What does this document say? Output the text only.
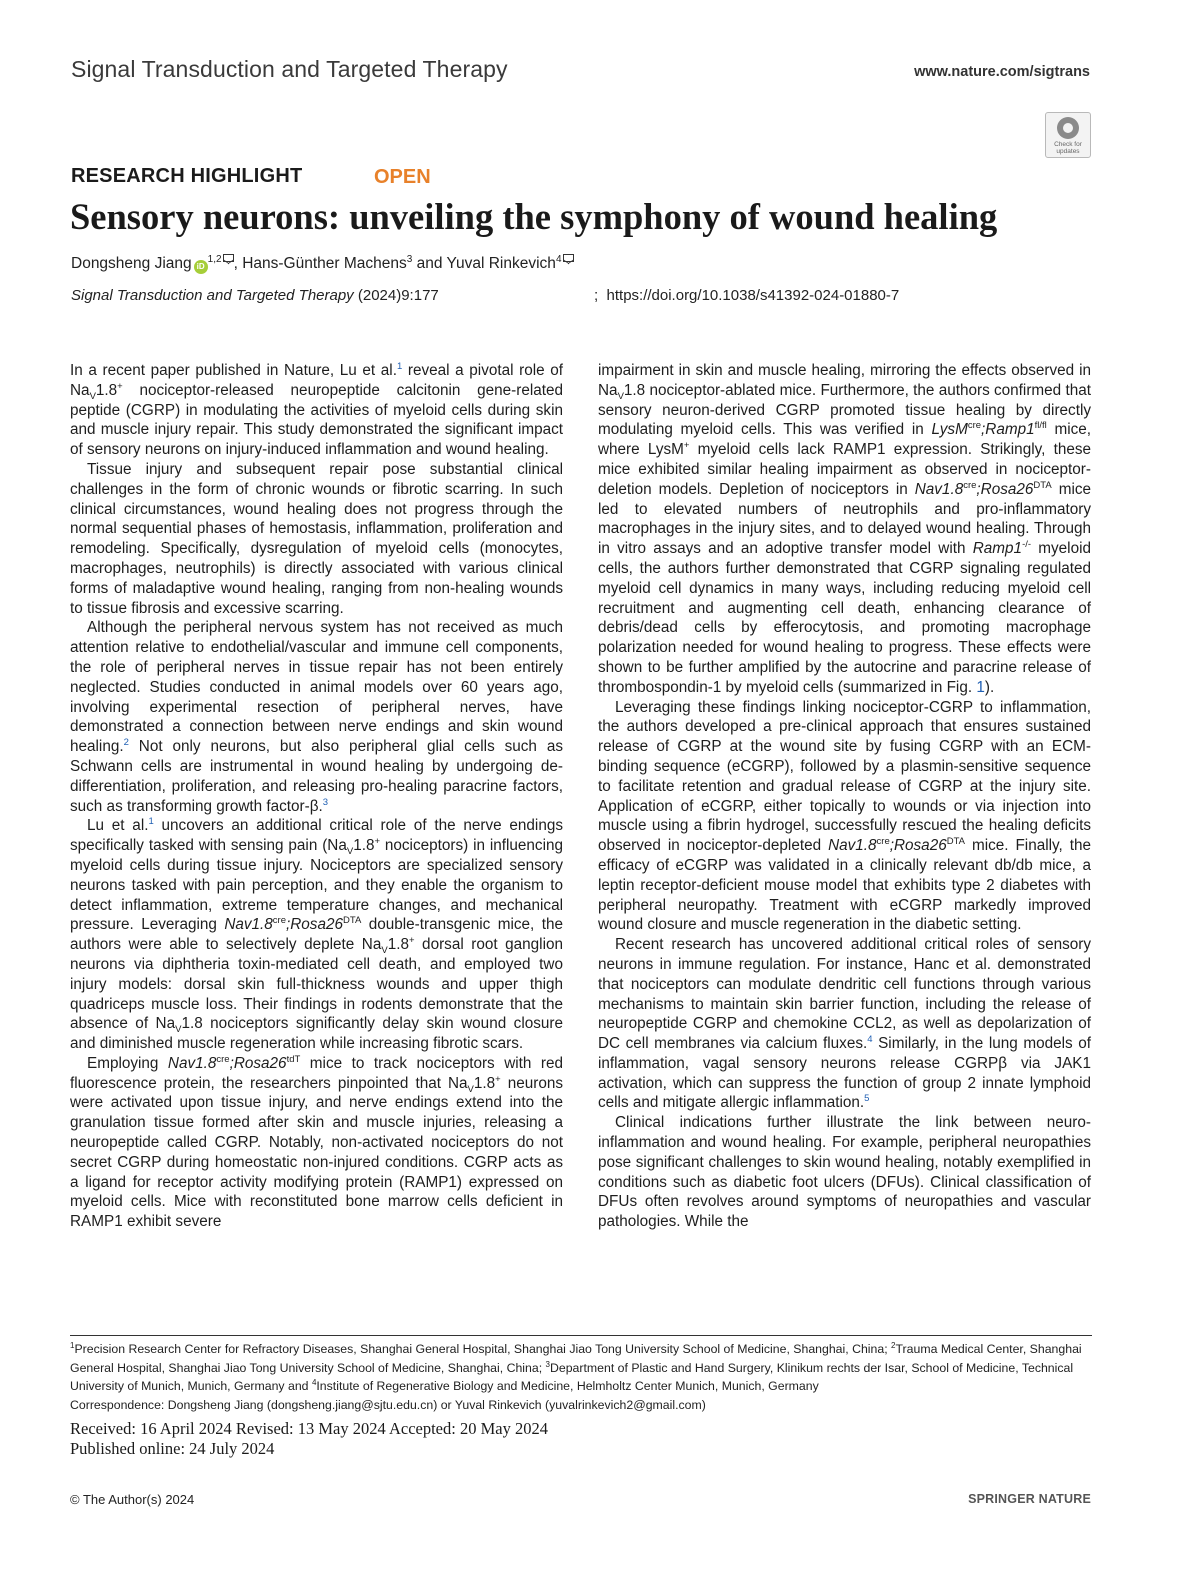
Signal Transduction and Targeted Therapy	www.nature.com/sigtrans
Check for updates
RESEARCH HIGHLIGHT	OPEN
Sensory neurons: unveiling the symphony of wound healing
Dongsheng Jiang iD$^{1,2}$ , Hans-Günther Machens$^3$ and Yuval Rinkevich$^4$
Signal Transduction and Targeted Therapy (2024)9:177	; https://doi.org/10.1038/s41392-024-01880-7

In a recent paper published in Nature, Lu et al.$^1$ reveal a pivotal role of $Na_V1.8^+$ nociceptor-released neuropeptide calcitonin gene-related peptide (CGRP) in modulating the activities of myeloid cells during skin and muscle injury repair. This study demonstrated the significant impact of sensory neurons on injury-induced inflammation and wound healing.

Tissue injury and subsequent repair pose substantial clinical challenges in the form of chronic wounds or fibrotic scarring. In such clinical circumstances, wound healing does not progress through the normal sequential phases of hemostasis, inflammation, proliferation and remodeling. Specifically, dysregulation of myeloid cells (monocytes, macrophages, neutrophils) is directly associated with various clinical forms of maladaptive wound healing, ranging from non-healing wounds to tissue fibrosis and excessive scarring.

Although the peripheral nervous system has not received as much attention relative to endothelial/vascular and immune cell components, the role of peripheral nerves in tissue repair has not been entirely neglected. Studies conducted in animal models over 60 years ago, involving experimental resection of peripheral nerves, have demonstrated a connection between nerve endings and skin wound healing.$^2$ Not only neurons, but also peripheral glial cells such as Schwann cells are instrumental in wound healing by undergoing de-differentiation, proliferation, and releasing pro-healing paracrine factors, such as transforming growth factor-β.$^3$

Lu et al.$^1$ uncovers an additional critical role of the nerve endings specifically tasked with sensing pain ($Na_V1.8^+$ nociceptors) in influencing myeloid cells during tissue injury. Nociceptors are specialized sensory neurons tasked with pain perception, and they enable the organism to detect inflammation, extreme temperature changes, and mechanical pressure. Leveraging $Nav1.8^{cre};Rosa26^{DTA}$ double-transgenic mice, the authors were able to selectively deplete $Na_V1.8^+$ dorsal root ganglion neurons via diphtheria toxin-mediated cell death, and employed two injury models: dorsal skin full-thickness wounds and upper thigh quadriceps muscle loss. Their findings in rodents demonstrate that the absence of $Na_V1.8$ nociceptors significantly delay skin wound closure and diminished muscle regeneration while increasing fibrotic scars.

Employing $Nav1.8^{cre};Rosa26^{tdT}$ mice to track nociceptors with red fluorescence protein, the researchers pinpointed that $Na_V1.8^+$ neurons were activated upon tissue injury, and nerve endings extend into the granulation tissue formed after skin and muscle injuries, releasing a neuropeptide called CGRP. Notably, non-activated nociceptors do not secret CGRP during homeostatic non-injured conditions. CGRP acts as a ligand for receptor activity modifying protein (RAMP1) expressed on myeloid cells. Mice with reconstituted bone marrow cells deficient in RAMP1 exhibit severe

impairment in skin and muscle healing, mirroring the effects observed in $Na_V1.8$ nociceptor-ablated mice. Furthermore, the authors confirmed that sensory neuron-derived CGRP promoted tissue healing by directly modulating myeloid cells. This was verified in $LysM^{cre};Ramp1^{fl/fl}$ mice, where LysM+ myeloid cells lack RAMP1 expression. Strikingly, these mice exhibited similar healing impairment as observed in nociceptor-deletion models. Depletion of nociceptors in $Nav1.8^{cre};Rosa26^{DTA}$ mice led to elevated numbers of neutrophils and pro-inflammatory macrophages in the injury sites, and to delayed wound healing. Through in vitro assays and an adoptive transfer model with Ramp1-/- myeloid cells, the authors further demonstrated that CGRP signaling regulated myeloid cell dynamics in many ways, including reducing myeloid cell recruitment and augmenting cell death, enhancing clearance of debris/dead cells by efferocytosis, and promoting macrophage polarization needed for wound healing to progress. These effects were shown to be further amplified by the autocrine and paracrine release of thrombospondin-1 by myeloid cells (summarized in Fig. 1).

Leveraging these findings linking nociceptor-CGRP to inflammation, the authors developed a pre-clinical approach that ensures sustained release of CGRP at the wound site by fusing CGRP with an ECM-binding sequence (eCGRP), followed by a plasmin-sensitive sequence to facilitate retention and gradual release of CGRP at the injury site. Application of eCGRP, either topically to wounds or via injection into muscle using a fibrin hydrogel, successfully rescued the healing deficits observed in nociceptor-depleted $Nav1.8^{cre};Rosa26^{DTA}$ mice. Finally, the efficacy of eCGRP was validated in a clinically relevant db/db mice, a leptin receptor-deficient mouse model that exhibits type 2 diabetes with peripheral neuropathy. Treatment with eCGRP markedly improved wound closure and muscle regeneration in the diabetic setting.

Recent research has uncovered additional critical roles of sensory neurons in immune regulation. For instance, Hanc et al. demonstrated that nociceptors can modulate dendritic cell functions through various mechanisms to maintain skin barrier function, including the release of neuropeptide CGRP and chemokine CCL2, as well as depolarization of DC cell membranes via calcium fluxes.$^4$ Similarly, in the lung models of inflammation, vagal sensory neurons release CGRPβ via JAK1 activation, which can suppress the function of group 2 innate lymphoid cells and mitigate allergic inflammation.$^5$

Clinical indications further illustrate the link between neuro-inflammation and wound healing. For example, peripheral neuropathies pose significant challenges to skin wound healing, notably exemplified in conditions such as diabetic foot ulcers (DFUs). Clinical classification of DFUs often revolves around symptoms of neuropathies and vascular pathologies. While the

$^1$Precision Research Center for Refractory Diseases, Shanghai General Hospital, Shanghai Jiao Tong University School of Medicine, Shanghai, China; $^2$Trauma Medical Center, Shanghai General Hospital, Shanghai Jiao Tong University School of Medicine, Shanghai, China; $^3$Department of Plastic and Hand Surgery, Klinikum rechts der Isar, School of Medicine, Technical University of Munich, Munich, Germany and $^4$Institute of Regenerative Biology and Medicine, Helmholtz Center Munich, Munich, Germany
Correspondence: Dongsheng Jiang (dongsheng.jiang@sjtu.edu.cn) or Yuval Rinkevich (yuvalrinkevich2@gmail.com)
Received: 16 April 2024 Revised: 13 May 2024 Accepted: 20 May 2024
Published online: 24 July 2024
© The Author(s) 2024	SPRINGER NATURE
